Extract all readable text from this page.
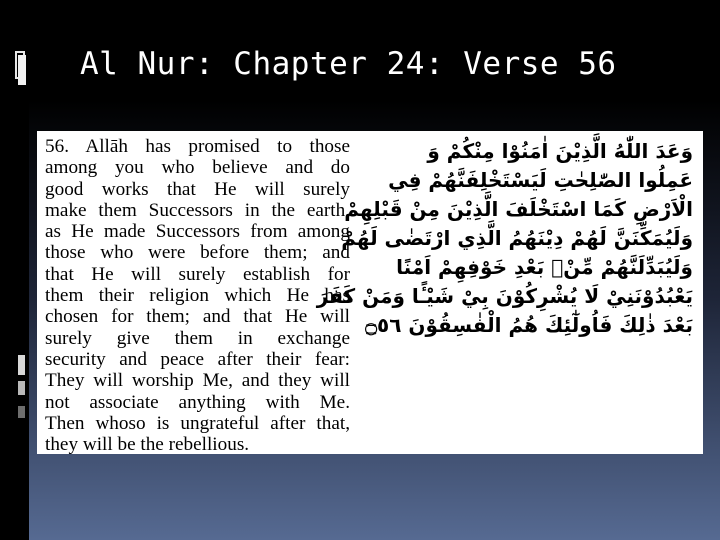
Al Nur: Chapter 24: Verse 56
56. Allāh has promised to those
among you who believe and do
good works that He will surely
make them Successors in the earth,
as He made Successors from among
those who were before them; and
that He will surely establish for
them their religion which He has
chosen for them; and that He will
surely give them in exchange
security and peace after their fear:
They will worship Me, and they will
not associate anything with Me.
Then whoso is ungrateful after that,
they will be the rebellious.
وَعَدَ اللّٰهُ الَّذِيْنَ اٰمَنُوْا مِنْكُمْ وَ
عَمِلُوا الصّٰلِحٰتِ لَيَسْتَخْلِفَنَّهُمْ فِي
الْاَرْضِ كَمَا اسْتَخْلَفَ الَّذِيْنَ مِنْ قَبْلِهِمْ
وَلَيُمَكِّنَنَّ لَهُمْ دِيْنَهُمُ الَّذِي ارْتَضٰى لَهُمْ
وَلَيُبَدِّلَنَّهُمْ مِّنْۢ بَعْدِ خَوْفِهِمْ اَمْنًا
يَعْبُدُوْنَنِيْ لَا يُشْرِكُوْنَ بِيْ شَيْـًٔا وَمَنْ كَفَرَ
بَعْدَ ذٰلِكَ فَاُولٰٓئِكَ هُمُ الْفٰسِقُوْنَ ۝٥٦
